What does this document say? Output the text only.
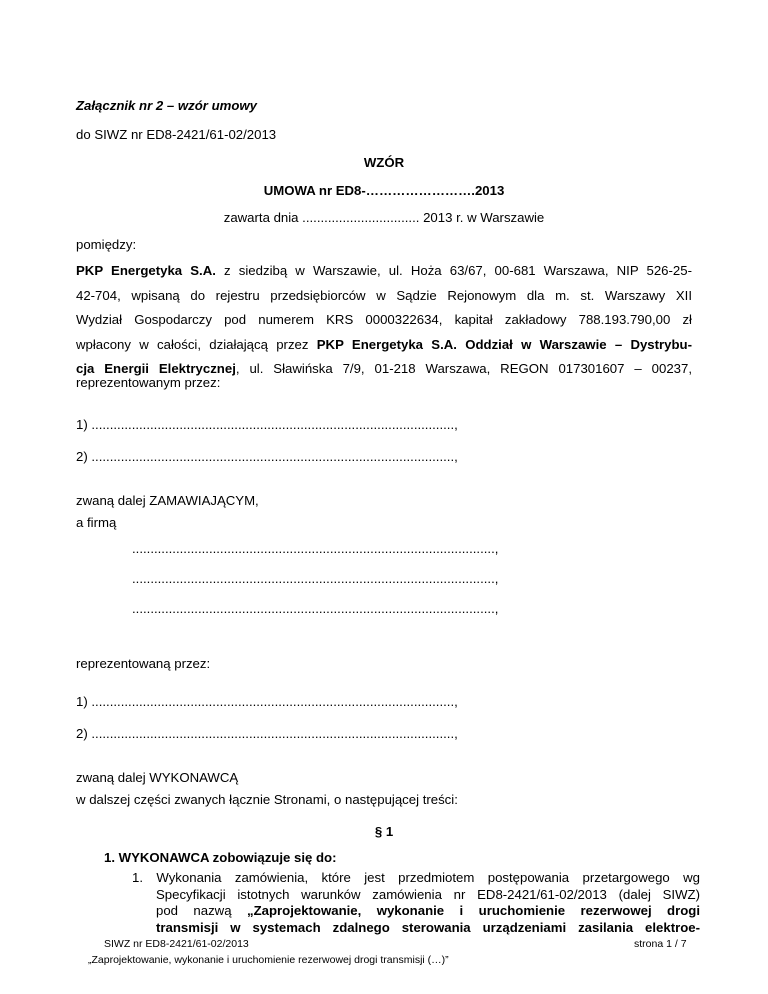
Załącznik nr 2 – wzór umowy
do SIWZ nr ED8-2421/61-02/2013
WZÓR
UMOWA nr ED8-…………………….2013
zawarta dnia ................................ 2013 r. w Warszawie
pomiędzy:
PKP Energetyka S.A. z siedzibą w Warszawie, ul. Hoża 63/67, 00-681 Warszawa, NIP 526-25-
42-704, wpisaną do rejestru przedsiębiorców w Sądzie Rejonowym dla m. st. Warszawy XII
Wydział Gospodarczy pod numerem KRS 0000322634, kapitał zakładowy 788.193.790,00 zł
wpłacony w całości, działającą przez PKP Energetyka S.A. Oddział w Warszawie – Dystrybu-
cja Energii Elektrycznej, ul. Sławińska 7/9, 01-218 Warszawa, REGON 017301607 – 00237,
reprezentowanym przez:
1) ...................................................................................................,
2) ...................................................................................................,
zwaną dalej ZAMAWIAJĄCYM,
a firmą
...................................................................................................,
...................................................................................................,
...................................................................................................,
reprezentowaną przez:
1) ...................................................................................................,
2) ...................................................................................................,
zwaną dalej WYKONAWCĄ
w dalszej części zwanych łącznie Stronami, o następującej treści:
§ 1
1. WYKONAWCA zobowiązuje się do:
1. Wykonania zamówienia, które jest przedmiotem postępowania przetargowego wg
Specyfikacji istotnych warunków zamówienia nr ED8-2421/61-02/2013 (dalej SIWZ)
pod nazwą „Zaprojektowanie, wykonanie i uruchomienie rezerwowej drogi
transmisji w systemach zdalnego sterowania urządzeniami zasilania elektroe-
SIWZ nr ED8-2421/61-02/2013
„Zaprojektowanie, wykonanie i uruchomienie rezerwowej drogi transmisji (…)”
strona 1 / 7
